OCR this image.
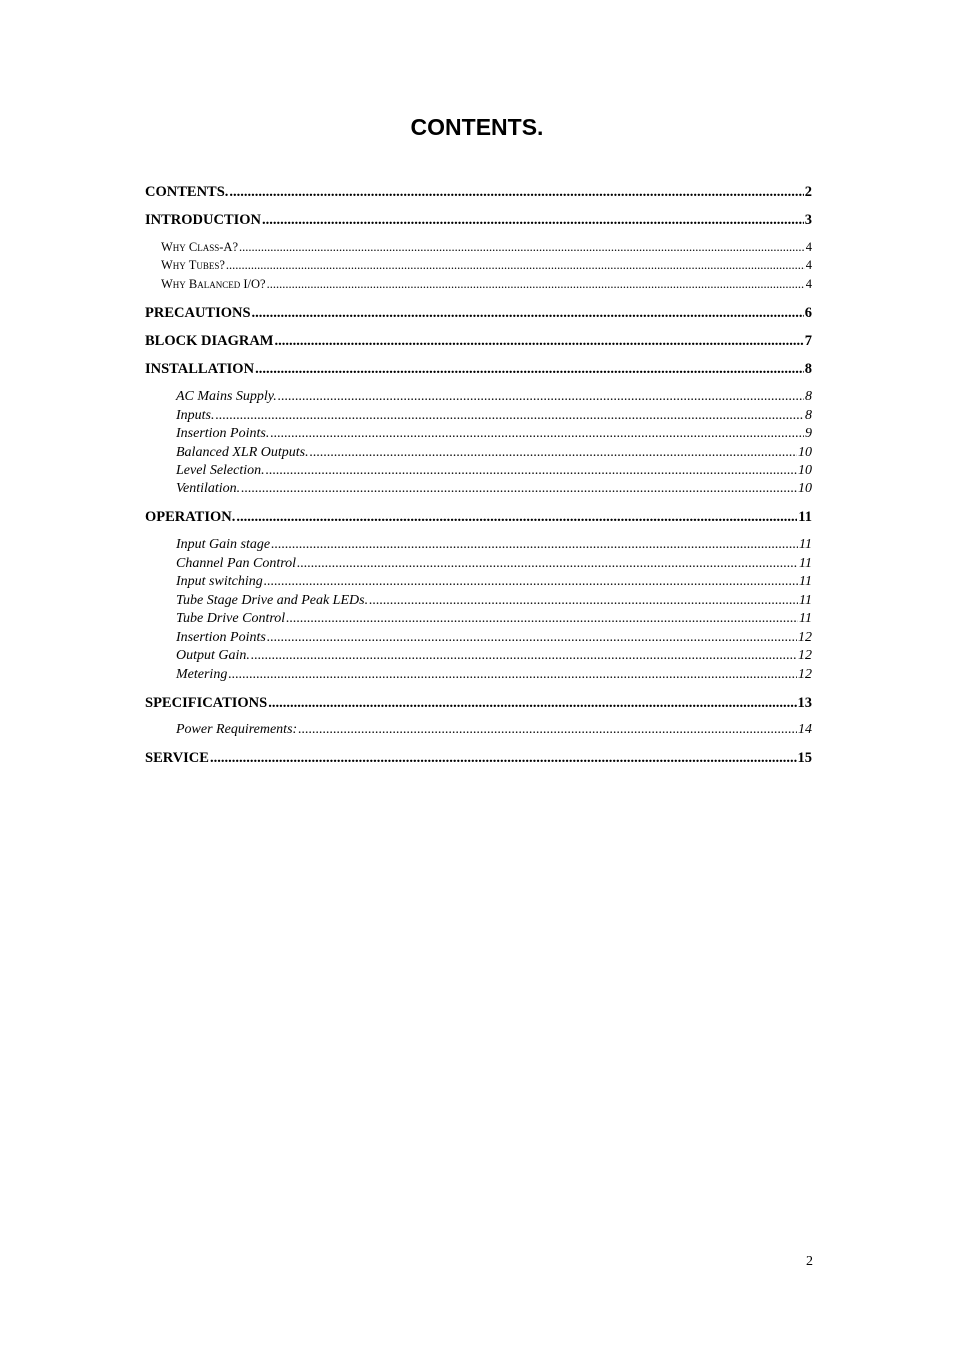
CONTENTS.
CONTENTS. .....	2
INTRODUCTION .....	3
Why Class-A? .....	4
Why Tubes? .....	4
Why Balanced I/O? .....	4
PRECAUTIONS .....	6
BLOCK DIAGRAM .....	7
INSTALLATION .....	8
AC Mains Supply. .....	8
Inputs. .....	8
Insertion Points. .....	9
Balanced XLR Outputs. .....	10
Level Selection. .....	10
Ventilation. .....	10
OPERATION. .....	11
Input Gain stage .....	11
Channel Pan Control .....	11
Input switching .....	11
Tube Stage Drive and Peak LEDs. .....	11
Tube Drive Control .....	11
Insertion Points .....	12
Output Gain. .....	12
Metering .....	12
SPECIFICATIONS .....	13
Power Requirements: .....	14
SERVICE .....	15
2
